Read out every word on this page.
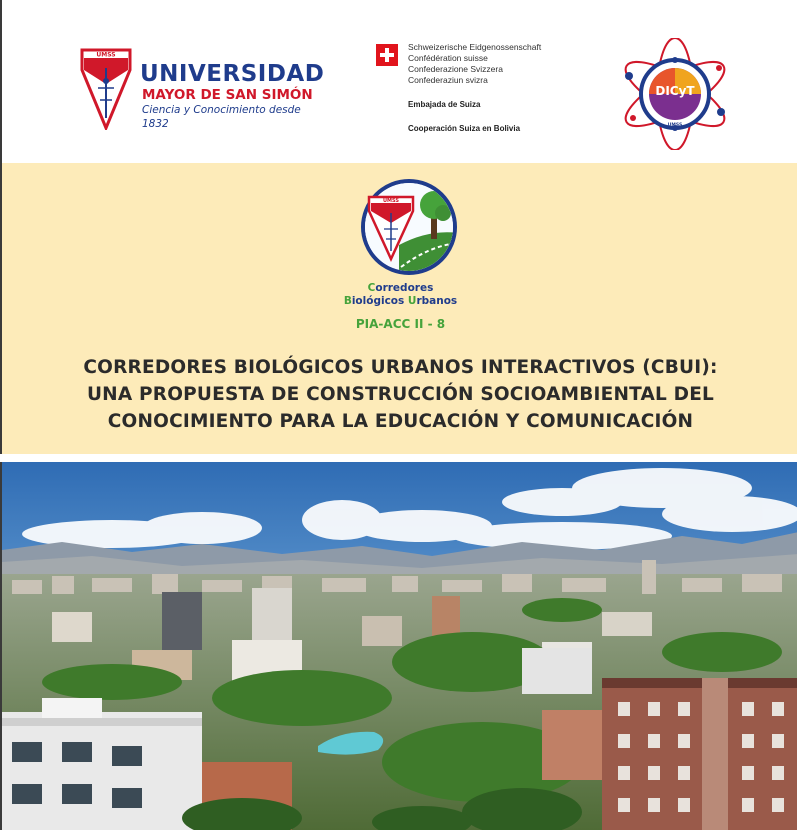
UMSS
UNIVERSIDAD
MAYOR DE SAN SIMÓN
Ciencia y Conocimiento desde 1832
Schweizerische Eidgenossenschaft
Confédération suisse
Confederazione Svizzera
Confederaziun svizra
Embajada de Suiza
Cooperación Suiza en Bolivia	UMSS
DICyT
UMSS
Corredores
Biológicos Urbanos
PIA-ACC II - 8
CORREDORES BIOLÓGICOS URBANOS INTERACTIVOS (CBUI):
UNA PROPUESTA DE CONSTRUCCIÓN SOCIOAMBIENTAL DEL
CONOCIMIENTO PARA LA EDUCACIÓN Y COMUNICACIÓN
